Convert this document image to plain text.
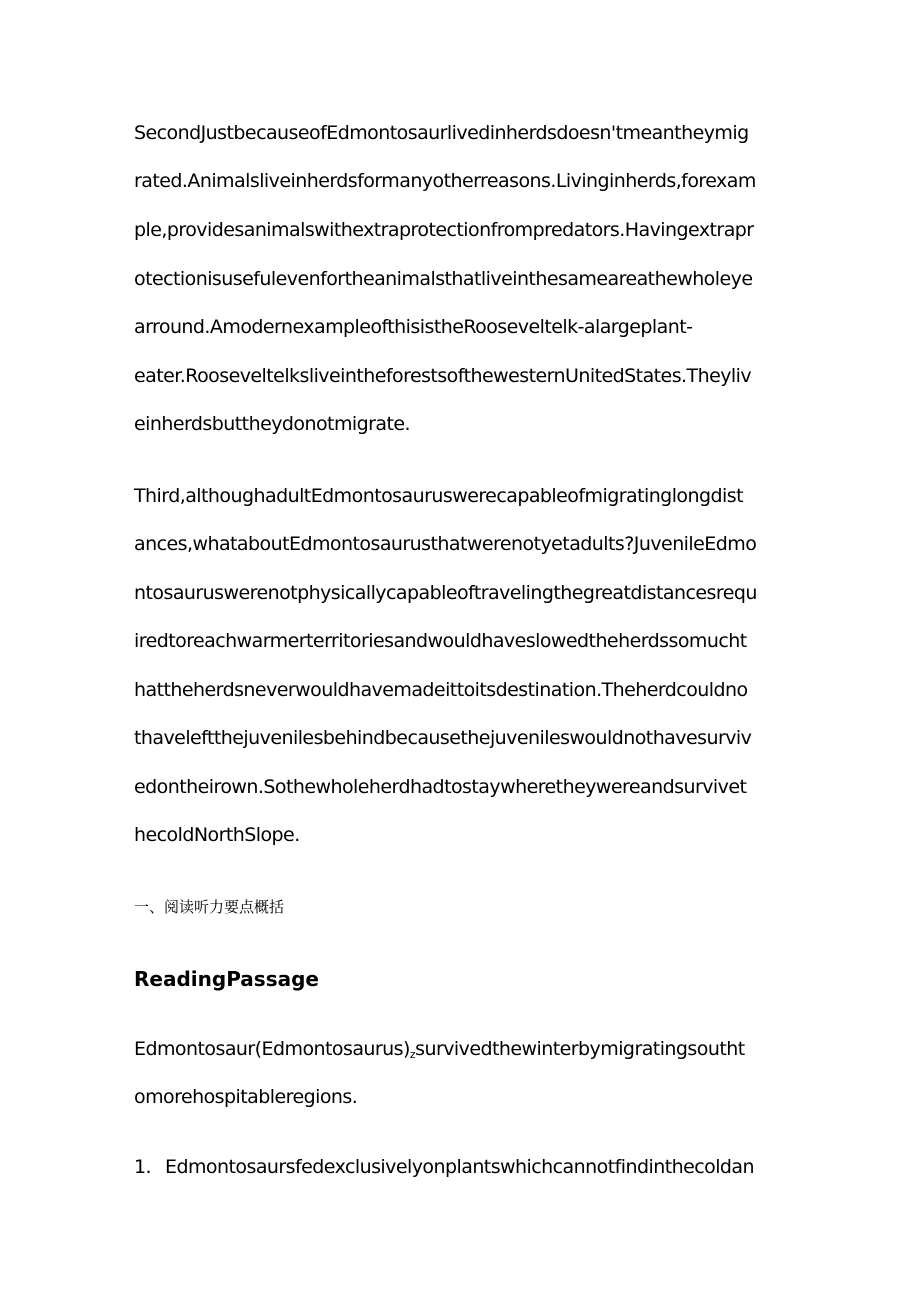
SecondJustbecauseofEdmontosaurlivedinherdsdoesn'tmeantheymig
rated.Animalsliveinherdsformanyotherreasons.Livinginherds,forexam
ple,providesanimalswithextraprotectionfrompredators.Havingextrapr
otectionisusefulevenfortheanimalsthatliveinthesameareathewholeye
arround.AmodernexampleofthisistheRooseveltelk-alargeplant-
eater.RooseveltelksliveintheforestsofthewesternUnitedStates.Theyliv
einherdsbuttheydonotmigrate.
Third,althoughadultEdmontosauruswerecapableofmigratinglongdist
ances,whataboutEdmontosaurusthatwerenotyetadults?JuvenileEdmo
ntosauruswerenotphysicallycapableoftravelingthegreatdistancesrequ
iredtoreachwarmerterritoriesandwouldhaveslowedtheherdssomucht
hattheherdsneverwouldhavemadeittoitsdestination.Theherdcouldno
thaveleftthejuvenilesbehindbecausethejuvenileswouldnothavesurviv
edontheirown.Sothewholeherdhadtostaywheretheywereandsurvivet
hecoldNorthSlope.
一、阅读听力要点概括
ReadingPassage
$Edmontosaur(Edmontosaurus)_zsurvivedthewinterbymigratingsoutht$
omorehospitableregions.
1. Edmontosaursfedexclusivelyonplantswhichcannotfindinthecoldan
